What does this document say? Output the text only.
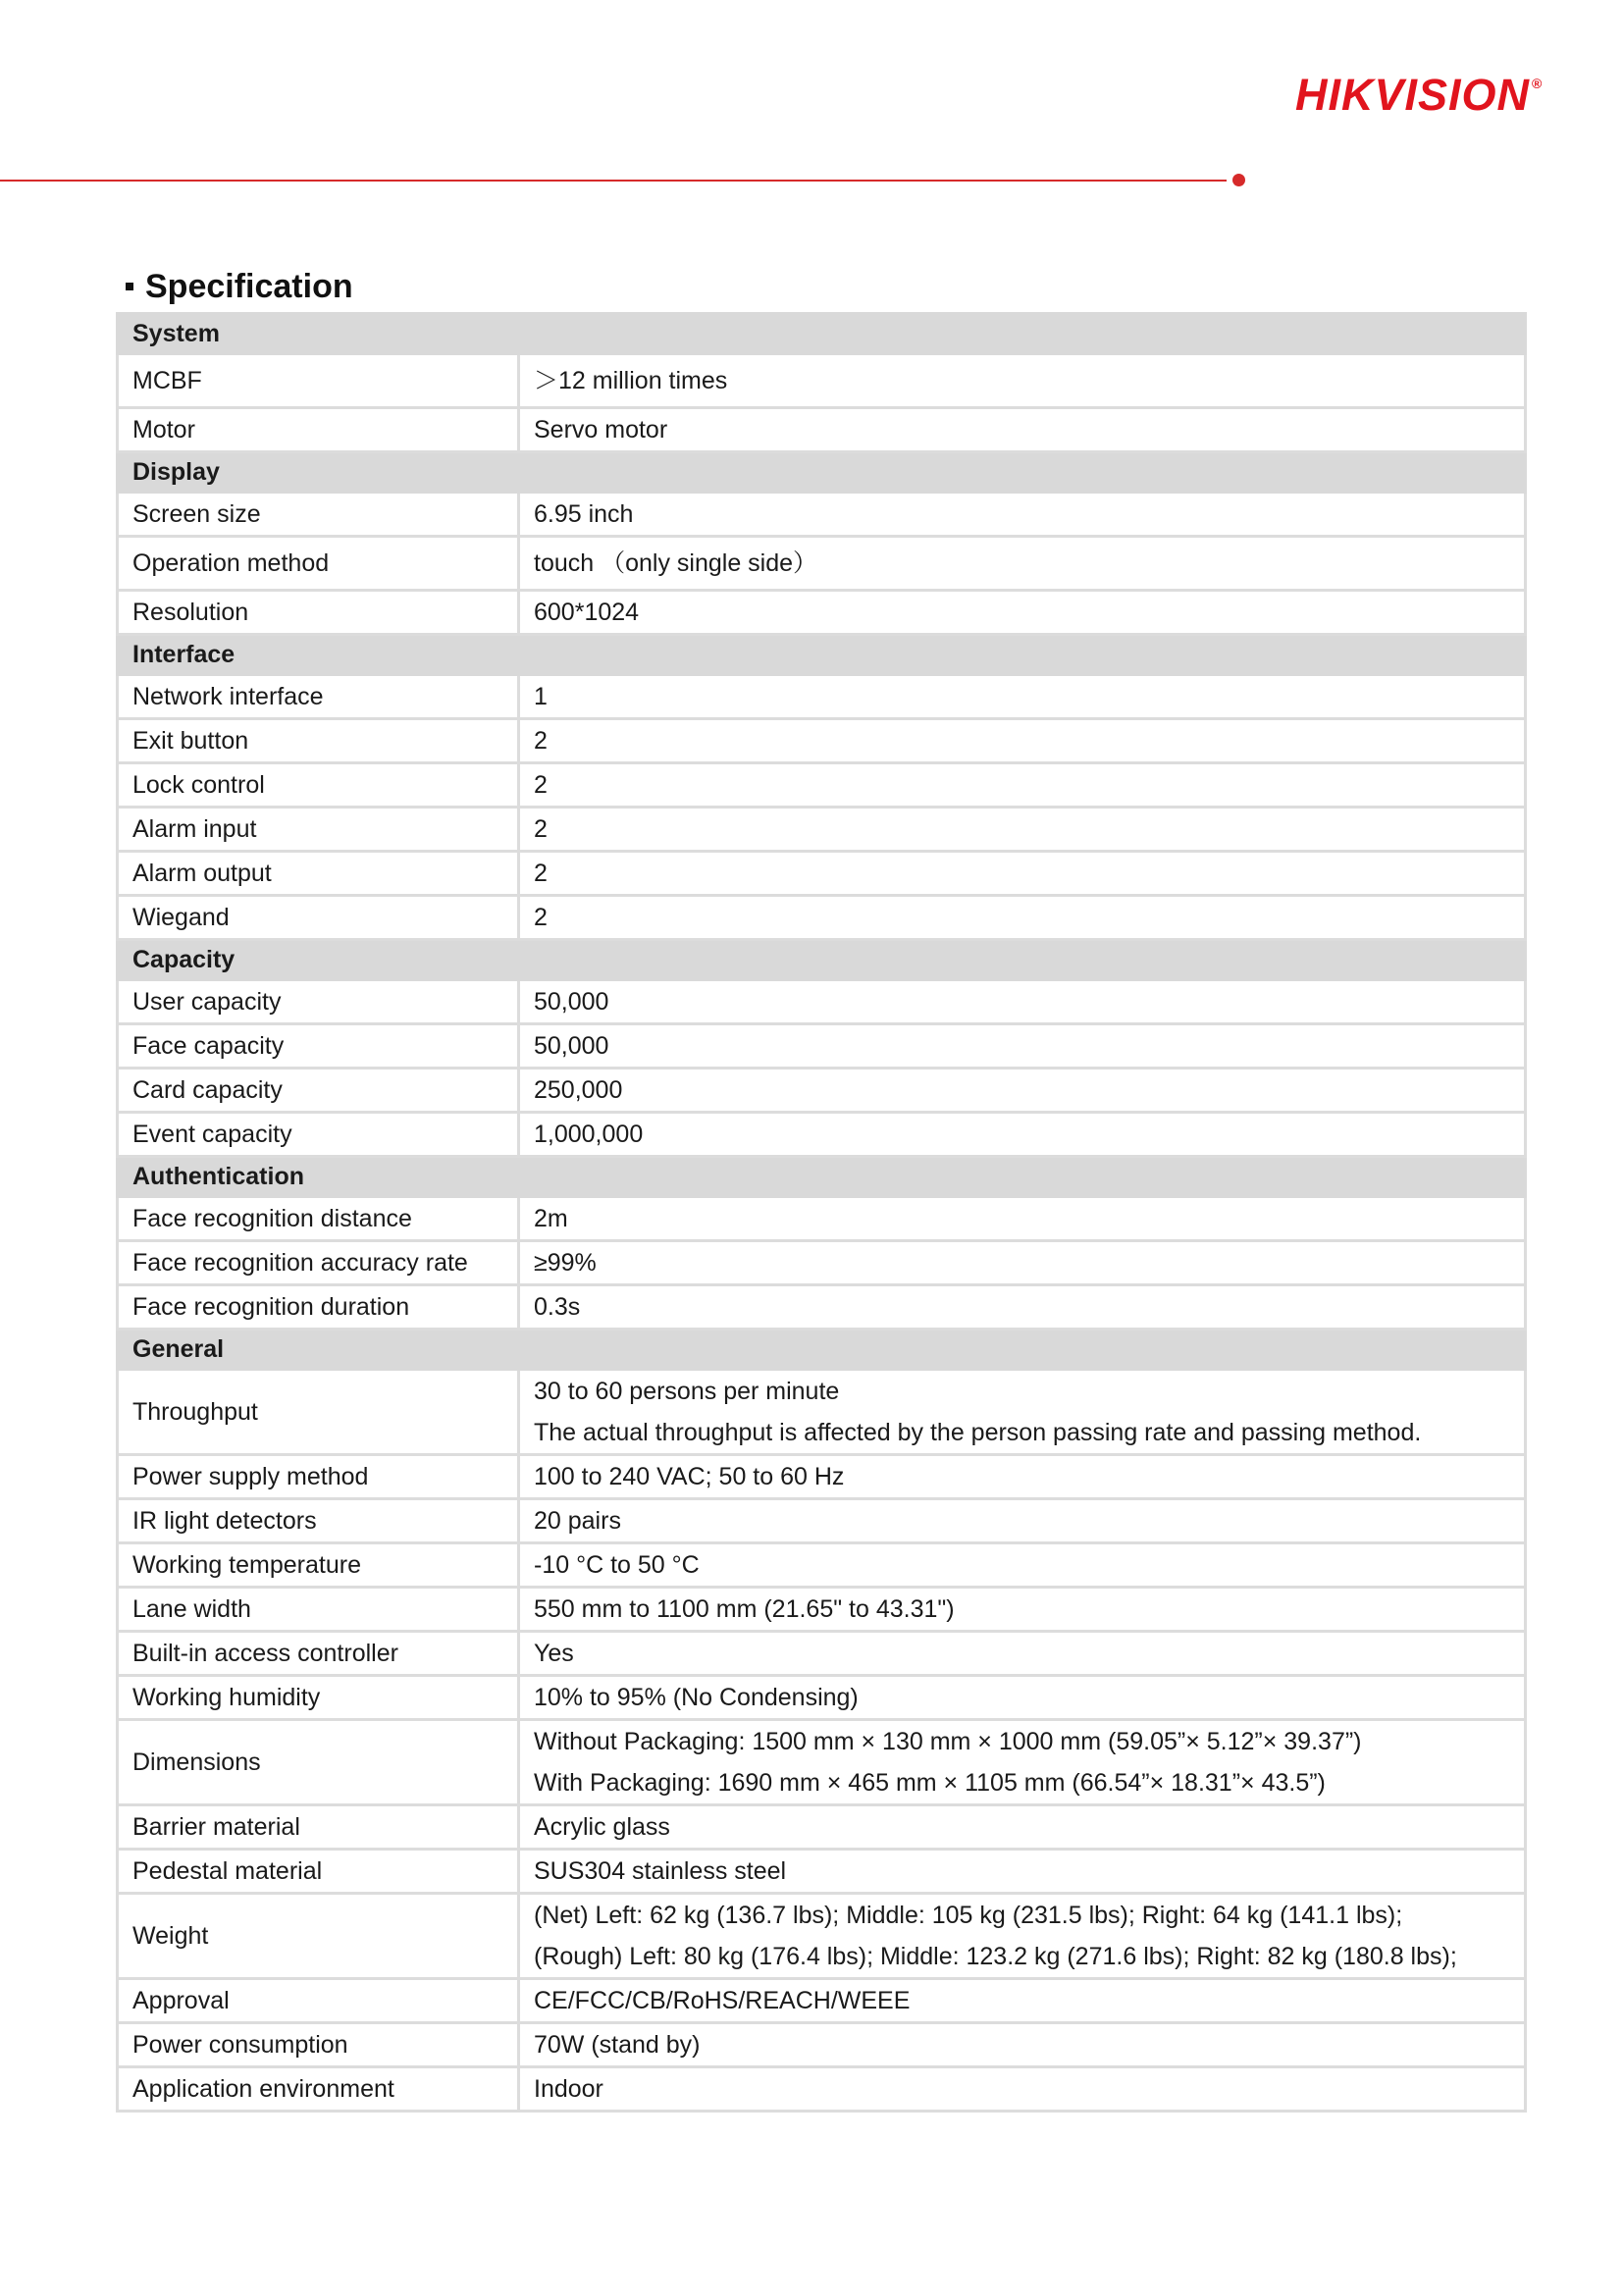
HIKVISION ®
Specification
System	
MCBF	＞12 million times

Motor	Servo motor

Display	
Screen size	6.95 inch

Operation method	touch （only single side）

Resolution	600*1024

Interface	
Network interface	1

Exit button	2

Lock control	2

Alarm input	2

Alarm output	2

Wiegand	2

Capacity	
User capacity	50,000

Face capacity	50,000

Card capacity	250,000

Event capacity	1,000,000

Authentication	
Face recognition distance	2m

Face recognition accuracy rate	≥99%

Face recognition duration	0.3s

General	
Throughput	30 to 60 persons per minute
The actual throughput is affected by the person passing rate and passing method.

Power supply method	100 to 240 VAC; 50 to 60 Hz

IR light detectors	20 pairs

Working temperature	-10 °C to 50 °C

Lane width	550 mm to 1100 mm (21.65" to 43.31")

Built-in access controller	Yes

Working humidity	10% to 95% (No Condensing)

Dimensions	Without Packaging: 1500 mm × 130 mm × 1000 mm (59.05”× 5.12”× 39.37”)
With Packaging: 1690 mm × 465 mm × 1105 mm (66.54”× 18.31”× 43.5”)

Barrier material	Acrylic glass

Pedestal material	SUS304 stainless steel

Weight	(Net) Left: 62 kg (136.7 lbs); Middle: 105 kg (231.5 lbs); Right: 64 kg (141.1 lbs);
(Rough) Left: 80 kg (176.4 lbs); Middle: 123.2 kg (271.6 lbs); Right: 82 kg (180.8 lbs);

Approval	CE/FCC/CB/RoHS/REACH/WEEE

Power consumption	70W (stand by)

Application environment	Indoor
